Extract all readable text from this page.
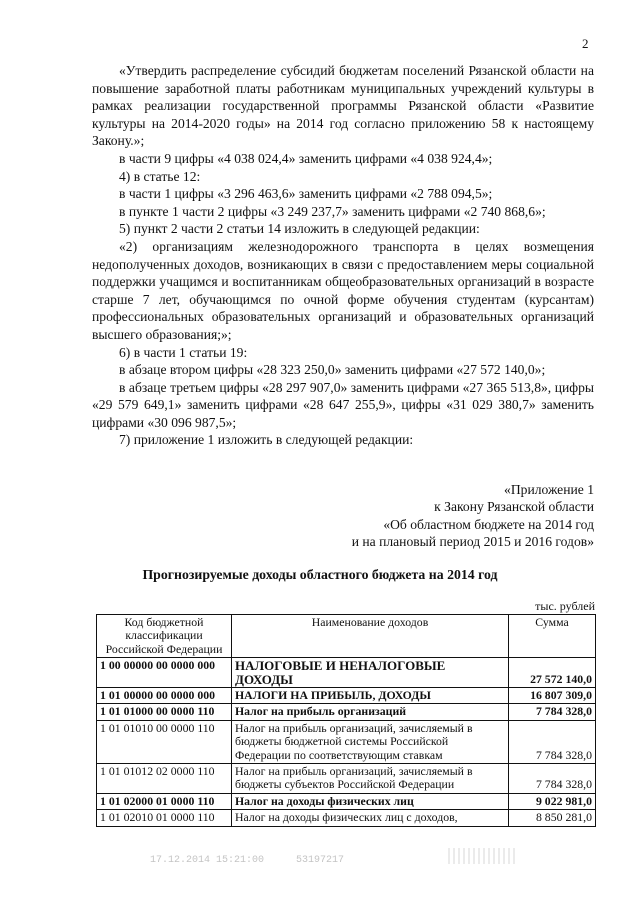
2

«Утвердить распределение субсидий бюджетам поселений Рязанской области на повышение заработной платы работникам муниципальных учреждений культуры в рамках реализации государственной программы Рязанской области «Развитие культуры на 2014-2020 годы» на 2014 год согласно приложению 58 к настоящему Закону.»;

в части 9 цифры «4 038 024,4» заменить цифрами «4 038 924,4»;

4) в статье 12:

в части 1 цифры «3 296 463,6» заменить цифрами «2 788 094,5»;

в пункте 1 части 2 цифры «3 249 237,7» заменить цифрами «2 740 868,6»;

5) пункт 2 части 2 статьи 14 изложить в следующей редакции:

«2) организациям железнодорожного транспорта в целях возмещения недополученных доходов, возникающих в связи с предоставлением меры социальной поддержки учащимся и воспитанникам общеобразовательных организаций в возрасте старше 7 лет, обучающимся по очной форме обучения студентам (курсантам) профессиональных образовательных организаций и образовательных организаций высшего образования;»;

6) в части 1 статьи 19:

в абзаце втором цифры «28 323 250,0» заменить цифрами «27 572 140,0»;

в абзаце третьем цифры «28 297 907,0» заменить цифрами «27 365 513,8», цифры «29 579 649,1» заменить цифрами «28 647 255,9», цифры «31 029 380,7» заменить цифрами «30 096 987,5»;

7) приложение 1 изложить в следующей редакции:

«Приложение 1
к Закону Рязанской области
«Об областном бюджете на 2014 год
и на плановый период 2015 и 2016 годов»
Прогнозируемые доходы областного бюджета на 2014 год
тыс. рублей
Код бюджетной классификации Российской Федерации	Наименование доходов	Сумма
1 00 00000 00 0000 000	НАЛОГОВЫЕ И НЕНАЛОГОВЫЕ ДОХОДЫ	27 572 140,0
1 01 00000 00 0000 000	НАЛОГИ НА ПРИБЫЛЬ, ДОХОДЫ	16 807 309,0
1 01 01000 00 0000 110	Налог на прибыль организаций	7 784 328,0
1 01 01010 00 0000 110	Налог на прибыль организаций, зачисляемый в бюджеты бюджетной системы Российской Федерации по соответствующим ставкам	7 784 328,0
1 01 01012 02 0000 110	Налог на прибыль организаций, зачисляемый в бюджеты субъектов Российской Федерации	7 784 328,0
1 01 02000 01 0000 110	Налог на доходы физических лиц	9 022 981,0
1 01 02010 01 0000 110	Налог на доходы физических лиц с доходов,	8 850 281,0
17.12.2014 15:21:00	53197217
